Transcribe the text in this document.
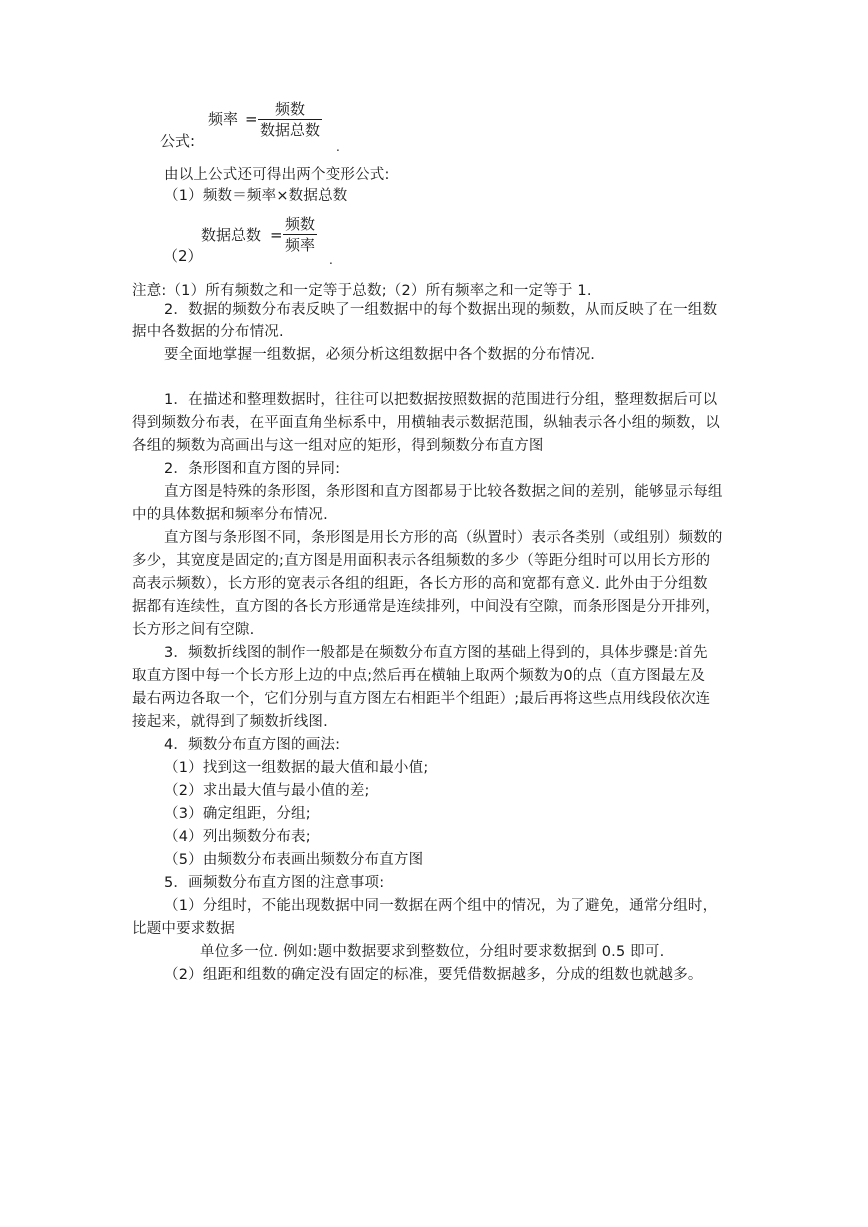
公式:
频率 =
频数
数据总数
.
由以上公式还可得出两个变形公式:
（1）频数＝频率×数据总数
（2）
数据总数 =
频数
频率
.
注意:（1）所有频数之和一定等于总数;（2）所有频率之和一定等于 1.
2．数据的频数分布表反映了一组数据中的每个数据出现的频数，从而反映了在一组数
据中各数据的分布情况.
要全面地掌握一组数据，必须分析这组数据中各个数据的分布情况.
1．在描述和整理数据时，往往可以把数据按照数据的范围进行分组，整理数据后可以
得到频数分布表，在平面直角坐标系中，用横轴表示数据范围，纵轴表示各小组的频数，以
各组的频数为高画出与这一组对应的矩形，得到频数分布直方图
2．条形图和直方图的异同:
直方图是特殊的条形图，条形图和直方图都易于比较各数据之间的差别，能够显示每组
中的具体数据和频率分布情况.
直方图与条形图不同，条形图是用长方形的高（纵置时）表示各类别（或组别）频数的
多少，其宽度是固定的;直方图是用面积表示各组频数的多少（等距分组时可以用长方形的
高表示频数），长方形的宽表示各组的组距，各长方形的高和宽都有意义. 此外由于分组数
据都有连续性，直方图的各长方形通常是连续排列，中间没有空隙，而条形图是分开排列，
长方形之间有空隙.
3．频数折线图的制作一般都是在频数分布直方图的基础上得到的，具体步骤是:首先
取直方图中每一个长方形上边的中点;然后再在横轴上取两个频数为0的点（直方图最左及
最右两边各取一个，它们分别与直方图左右相距半个组距）;最后再将这些点用线段依次连
接起来，就得到了频数折线图.
4．频数分布直方图的画法:
（1）找到这一组数据的最大值和最小值;
（2）求出最大值与最小值的差;
（3）确定组距，分组;
（4）列出频数分布表;
（5）由频数分布表画出频数分布直方图
5．画频数分布直方图的注意事项:
（1）分组时，不能出现数据中同一数据在两个组中的情况，为了避免，通常分组时，
比题中要求数据
单位多一位. 例如:题中数据要求到整数位，分组时要求数据到 0.5 即可.
（2）组距和组数的确定没有固定的标准，要凭借数据越多，分成的组数也就越多。
